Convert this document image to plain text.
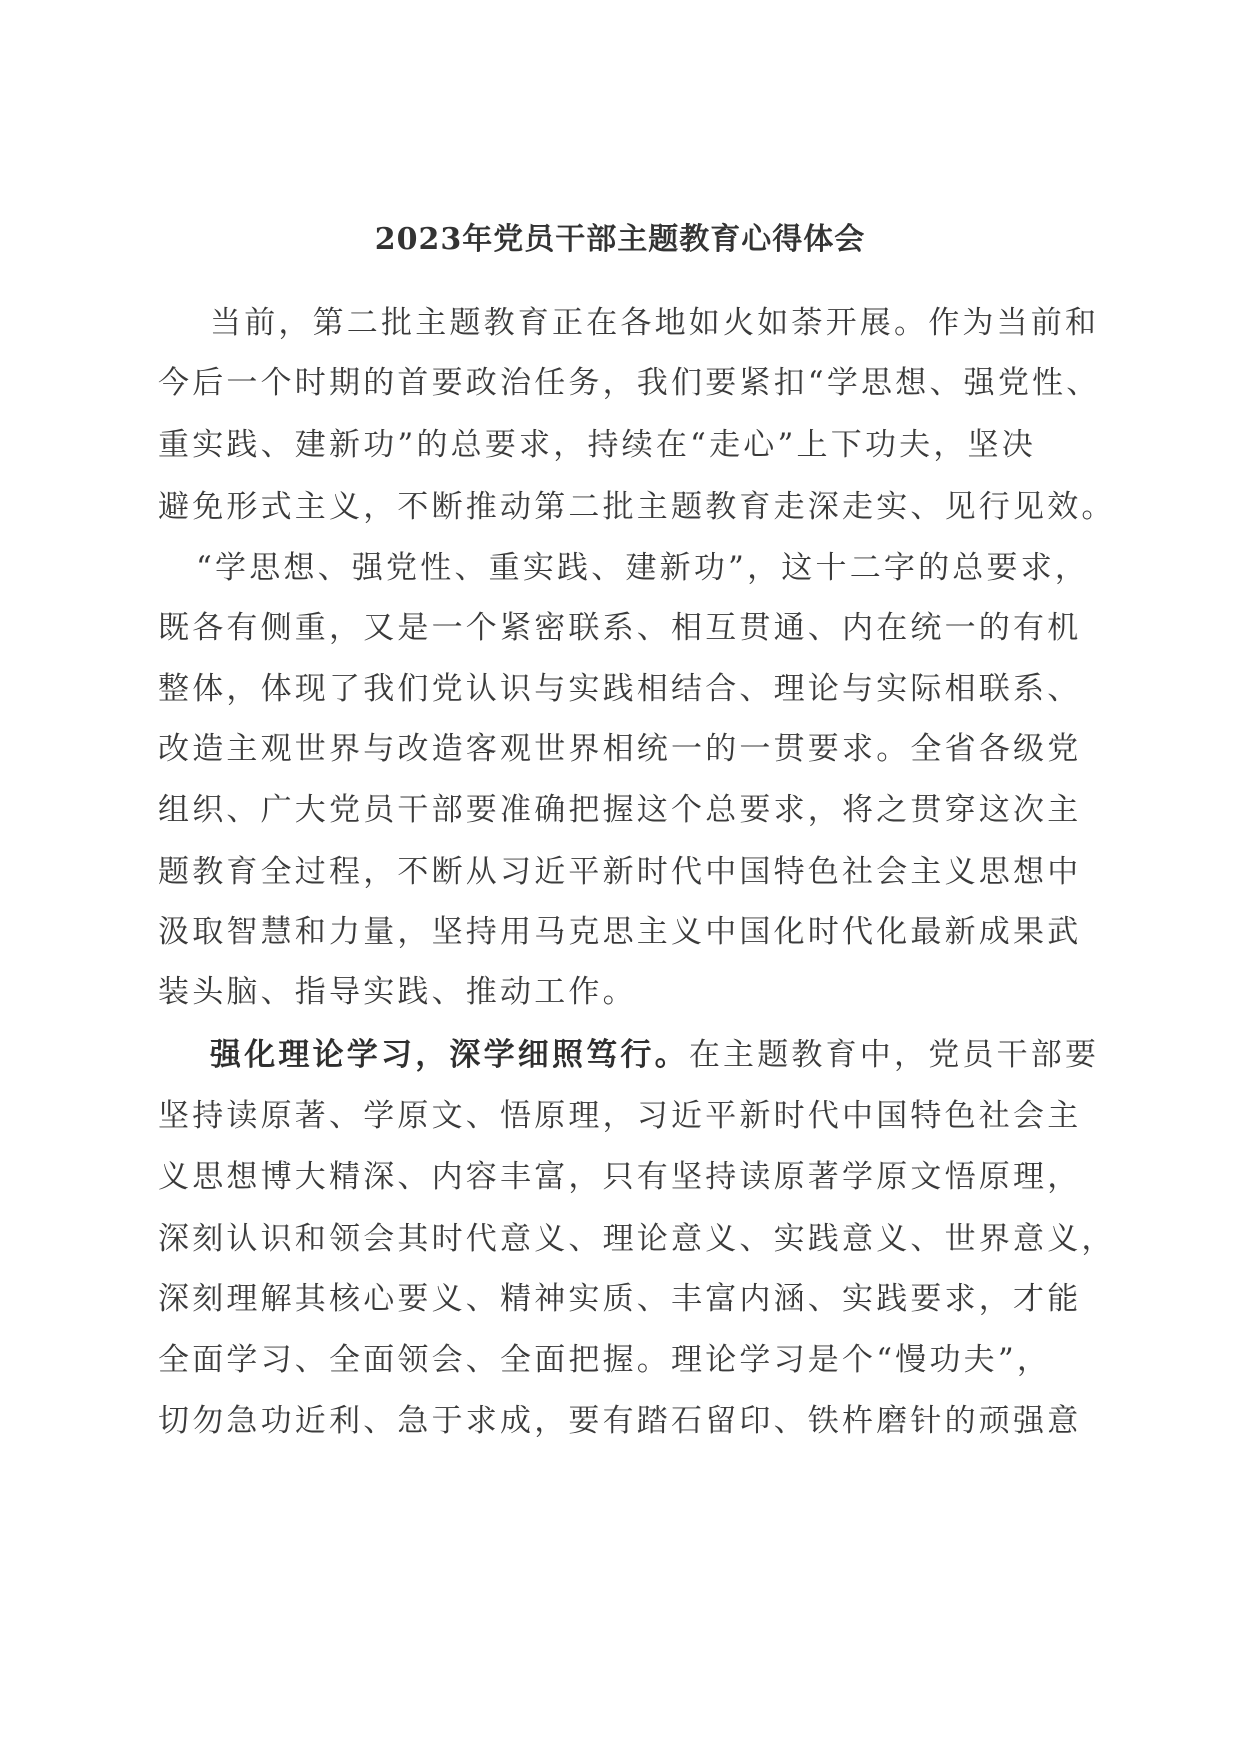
2023年党员干部主题教育心得体会
当前，第二批主题教育正在各地如火如荼开展。作为当前和
今后一个时期的首要政治任务，我们要紧扣“学思想、强党性、
重实践、建新功”的总要求，持续在“走心”上下功夫，坚决
避免形式主义，不断推动第二批主题教育走深走实、见行见效。
“学思想、强党性、重实践、建新功”，这十二字的总要求，
既各有侧重，又是一个紧密联系、相互贯通、内在统一的有机
整体，体现了我们党认识与实践相结合、理论与实际相联系、
改造主观世界与改造客观世界相统一的一贯要求。全省各级党
组织、广大党员干部要准确把握这个总要求，将之贯穿这次主
题教育全过程，不断从习近平新时代中国特色社会主义思想中
汲取智慧和力量，坚持用马克思主义中国化时代化最新成果武
装头脑、指导实践、推动工作。
强化理论学习，深学细照笃行。在主题教育中，党员干部要
坚持读原著、学原文、悟原理，习近平新时代中国特色社会主
义思想博大精深、内容丰富，只有坚持读原著学原文悟原理，
深刻认识和领会其时代意义、理论意义、实践意义、世界意义，
深刻理解其核心要义、精神实质、丰富内涵、实践要求，才能
全面学习、全面领会、全面把握。理论学习是个“慢功夫”，
切勿急功近利、急于求成，要有踏石留印、铁杵磨针的顽强意
